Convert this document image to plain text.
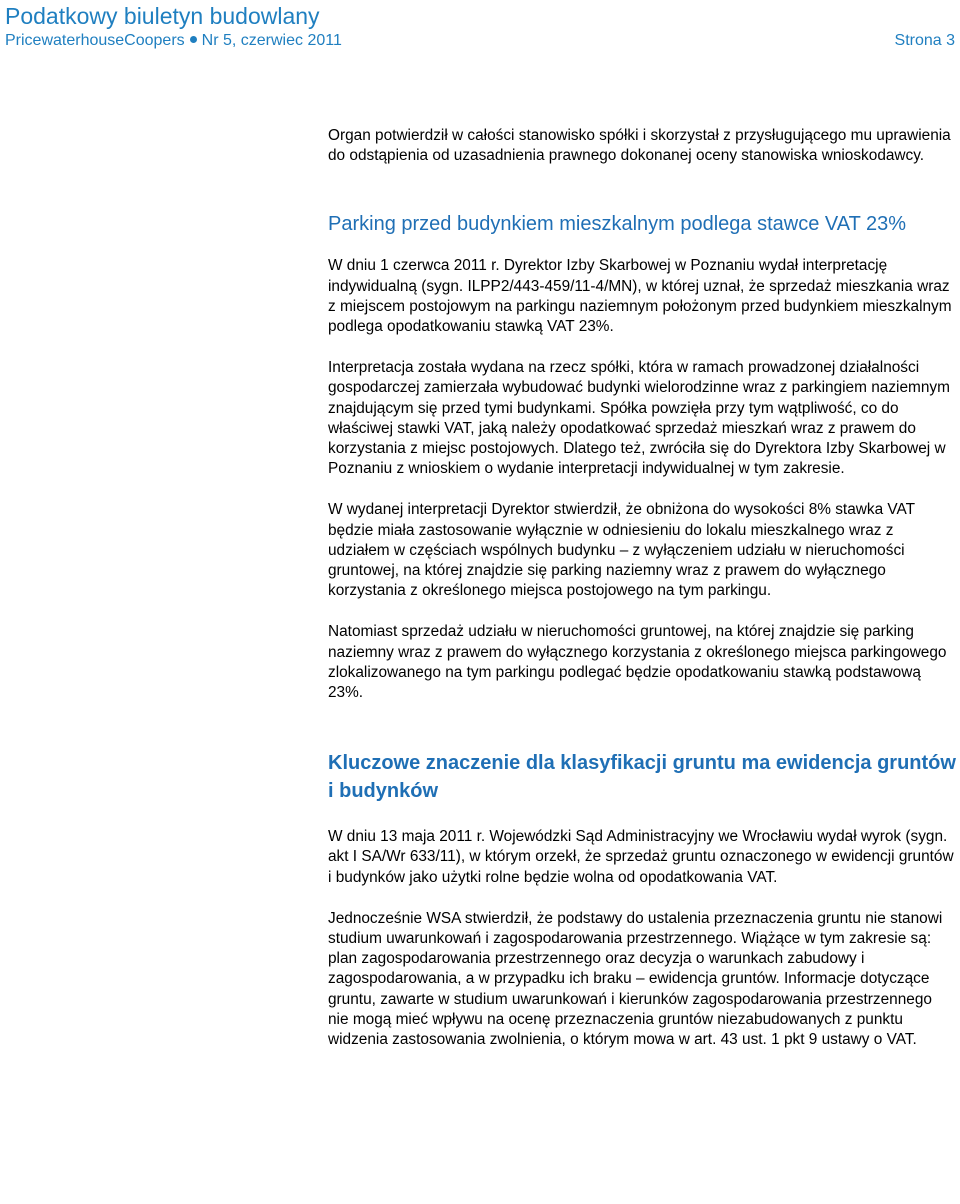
Podatkowy biuletyn budowlany
PricewaterhouseCoopers Nr 5, czerwiec 2011	Strona 3

Organ potwierdził w całości stanowisko spółki i skorzystał z przysługującego mu uprawienia do odstąpienia od uzasadnienia prawnego dokonanej oceny stanowiska wnioskodawcy.

Parking przed budynkiem mieszkalnym podlega stawce VAT 23%

W dniu 1 czerwca 2011 r. Dyrektor Izby Skarbowej w Poznaniu wydał interpretację indywidualną (sygn. ILPP2/443-459/11-4/MN), w której uznał, że sprzedaż mieszkania wraz z miejscem postojowym na parkingu naziemnym położonym przed budynkiem mieszkalnym podlega opodatkowaniu stawką VAT 23%.

Interpretacja została wydana na rzecz spółki, która w ramach prowadzonej działalności gospodarczej zamierzała wybudować budynki wielorodzinne wraz z parkingiem naziemnym znajdującym się przed tymi budynkami. Spółka powzięła przy tym wątpliwość, co do właściwej stawki VAT, jaką należy opodatkować sprzedaż mieszkań wraz z prawem do korzystania z miejsc postojowych. Dlatego też, zwróciła się do Dyrektora Izby Skarbowej w Poznaniu z wnioskiem o wydanie interpretacji indywidualnej w tym zakresie.

W wydanej interpretacji Dyrektor stwierdził, że obniżona do wysokości 8% stawka VAT będzie miała zastosowanie wyłącznie w odniesieniu do lokalu mieszkalnego wraz z udziałem w częściach wspólnych budynku – z wyłączeniem udziału w nieruchomości gruntowej, na której znajdzie się parking naziemny wraz z prawem do wyłącznego korzystania z określonego miejsca postojowego na tym parkingu.

Natomiast sprzedaż udziału w nieruchomości gruntowej, na której znajdzie się parking naziemny wraz z prawem do wyłącznego korzystania z określonego miejsca parkingowego zlokalizowanego na tym parkingu podlegać będzie opodatkowaniu stawką podstawową 23%.

Kluczowe znaczenie dla klasyfikacji gruntu ma ewidencja gruntów i budynków

W dniu 13 maja 2011 r. Wojewódzki Sąd Administracyjny we Wrocławiu wydał wyrok (sygn. akt I SA/Wr 633/11), w którym orzekł, że sprzedaż gruntu oznaczonego w ewidencji gruntów i budynków jako użytki rolne będzie wolna od opodatkowania VAT.

Jednocześnie WSA stwierdził, że podstawy do ustalenia przeznaczenia gruntu nie stanowi studium uwarunkowań i zagospodarowania przestrzennego. Wiążące w tym zakresie są: plan zagospodarowania przestrzennego oraz decyzja o warunkach zabudowy i zagospodarowania, a w przypadku ich braku – ewidencja gruntów. Informacje dotyczące gruntu, zawarte w studium uwarunkowań i kierunków zagospodarowania przestrzennego nie mogą mieć wpływu na ocenę przeznaczenia gruntów niezabudowanych z punktu widzenia zastosowania zwolnienia, o którym mowa w art. 43 ust. 1 pkt 9 ustawy o VAT.
